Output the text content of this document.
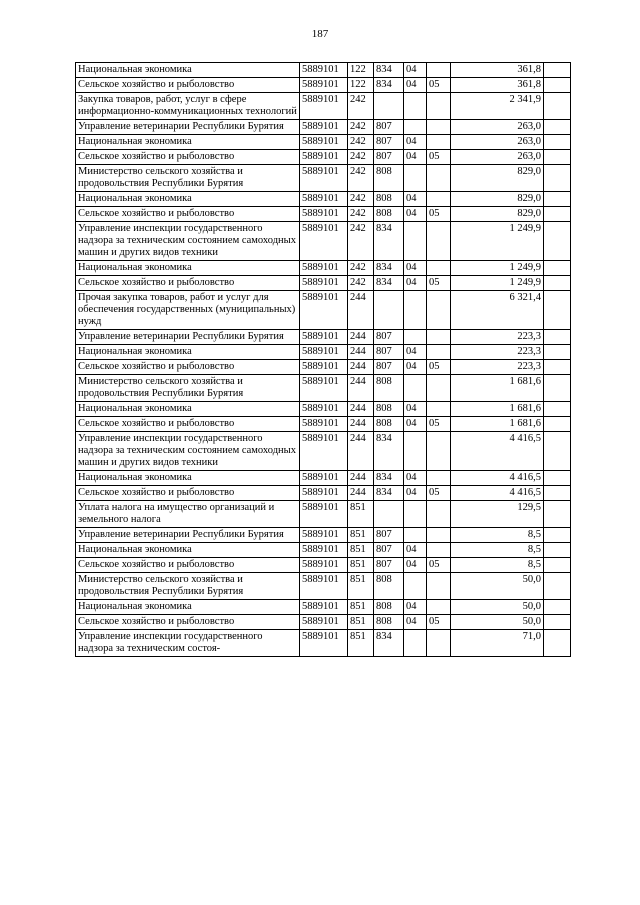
187
Национальная экономика	5889101	122	834	04		361,8	
Сельское хозяйство и рыболовство	5889101	122	834	04	05	361,8	
Закупка товаров, работ, услуг в сфере информационно-коммуникационных технологий	5889101	242				2 341,9	
Управление ветеринарии Республики Бурятия	5889101	242	807			263,0	
Национальная экономика	5889101	242	807	04		263,0	
Сельское хозяйство и рыболовство	5889101	242	807	04	05	263,0	
Министерство сельского хозяйства и продовольствия Республики Бурятия	5889101	242	808			829,0	
Национальная экономика	5889101	242	808	04		829,0	
Сельское хозяйство и рыболовство	5889101	242	808	04	05	829,0	
Управление инспекции государственного надзора за техническим состоянием самоходных машин и других видов техники	5889101	242	834			1 249,9	
Национальная экономика	5889101	242	834	04		1 249,9	
Сельское хозяйство и рыболовство	5889101	242	834	04	05	1 249,9	
Прочая закупка товаров, работ и услуг для обеспечения государственных (муниципальных) нужд	5889101	244				6 321,4	
Управление ветеринарии Республики Бурятия	5889101	244	807			223,3	
Национальная экономика	5889101	244	807	04		223,3	
Сельское хозяйство и рыболовство	5889101	244	807	04	05	223,3	
Министерство сельского хозяйства и продовольствия Республики Бурятия	5889101	244	808			1 681,6	
Национальная экономика	5889101	244	808	04		1 681,6	
Сельское хозяйство и рыболовство	5889101	244	808	04	05	1 681,6	
Управление инспекции государственного надзора за техническим состоянием самоходных машин и других видов техники	5889101	244	834			4 416,5	
Национальная экономика	5889101	244	834	04		4 416,5	
Сельское хозяйство и рыболовство	5889101	244	834	04	05	4 416,5	
Уплата налога на имущество организаций и земельного налога	5889101	851				129,5	
Управление ветеринарии Республики Бурятия	5889101	851	807			8,5	
Национальная экономика	5889101	851	807	04		8,5	
Сельское хозяйство и рыболовство	5889101	851	807	04	05	8,5	
Министерство сельского хозяйства и продовольствия Республики Бурятия	5889101	851	808			50,0	
Национальная экономика	5889101	851	808	04		50,0	
Сельское хозяйство и рыболовство	5889101	851	808	04	05	50,0	
Управление инспекции государственного надзора за техническим состоя-	5889101	851	834			71,0	
